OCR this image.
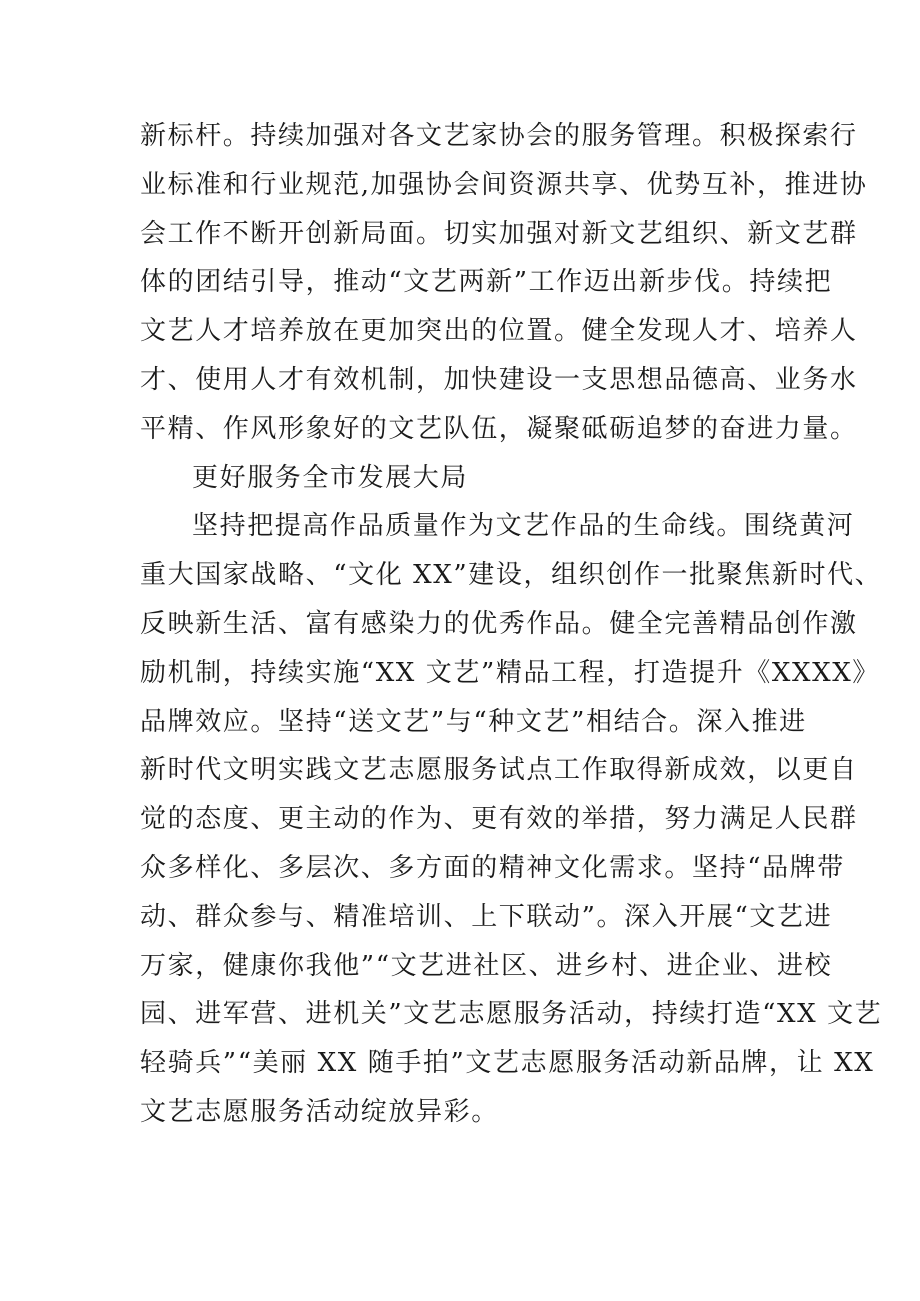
新标杆。持续加强对各文艺家协会的服务管理。积极探索行
业标准和行业规范,加强协会间资源共享、优势互补，推进协
会工作不断开创新局面。切实加强对新文艺组织、新文艺群
体的团结引导，推动“文艺两新”工作迈出新步伐。持续把
文艺人才培养放在更加突出的位置。健全发现人才、培养人
才、使用人才有效机制，加快建设一支思想品德高、业务水
平精、作风形象好的文艺队伍，凝聚砥砺追梦的奋进力量。
更好服务全市发展大局
坚持把提高作品质量作为文艺作品的生命线。围绕黄河
重大国家战略、“文化 XX”建设，组织创作一批聚焦新时代、
反映新生活、富有感染力的优秀作品。健全完善精品创作激
励机制，持续实施“XX 文艺”精品工程，打造提升《XXXX》
品牌效应。坚持“送文艺”与“种文艺”相结合。深入推进
新时代文明实践文艺志愿服务试点工作取得新成效，以更自
觉的态度、更主动的作为、更有效的举措，努力满足人民群
众多样化、多层次、多方面的精神文化需求。坚持“品牌带
动、群众参与、精准培训、上下联动”。深入开展“文艺进
万家，健康你我他”“文艺进社区、进乡村、进企业、进校
园、进军营、进机关”文艺志愿服务活动，持续打造“XX 文艺
轻骑兵”“美丽 XX 随手拍”文艺志愿服务活动新品牌，让 XX
文艺志愿服务活动绽放异彩。
